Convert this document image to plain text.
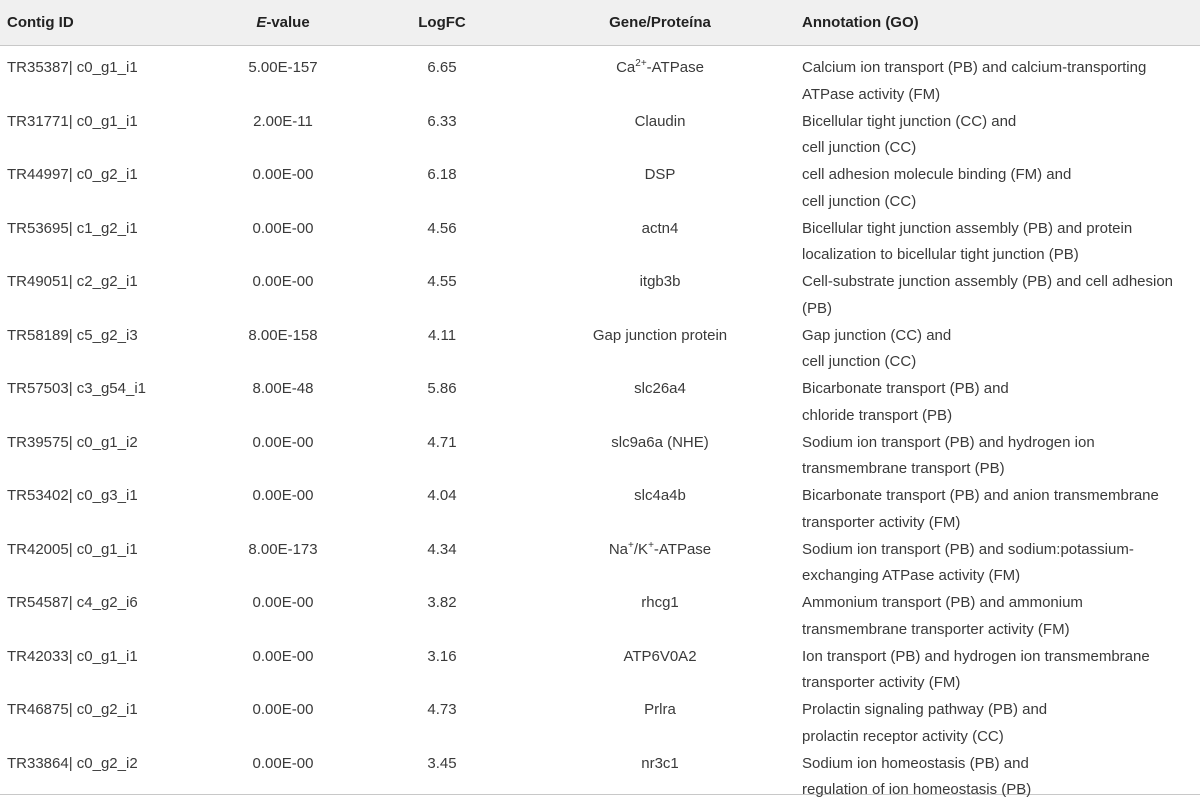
Contig ID	E-value	LogFC	Gene/Proteína	Annotation (GO)
TR35387| c0_g1_i1	5.00E-157	6.65	$Ca^{2+}$-ATPase	Calcium ion transport (PB) and calcium-transporting
ATPase activity (FM)
TR31771| c0_g1_i1	2.00E-11	6.33	Claudin	Bicellular tight junction (CC) and
cell junction (CC)
TR44997| c0_g2_i1	0.00E-00	6.18	DSP	cell adhesion molecule binding (FM) and
cell junction (CC)
TR53695| c1_g2_i1	0.00E-00	4.56	actn4	Bicellular tight junction assembly (PB) and protein
localization to bicellular tight junction (PB)
TR49051| c2_g2_i1	0.00E-00	4.55	itgb3b	Cell-substrate junction assembly (PB) and cell adhesion
(PB)
TR58189| c5_g2_i3	8.00E-158	4.11	Gap junction protein	Gap junction (CC) and
cell junction (CC)
TR57503| c3_g54_i1	8.00E-48	5.86	slc26a4	Bicarbonate transport (PB) and
chloride transport (PB)
TR39575| c0_g1_i2	0.00E-00	4.71	slc9a6a (NHE)	Sodium ion transport (PB) and hydrogen ion
transmembrane transport (PB)
TR53402| c0_g3_i1	0.00E-00	4.04	slc4a4b	Bicarbonate transport (PB) and anion transmembrane
transporter activity (FM)
TR42005| c0_g1_i1	8.00E-173	4.34	Na+/K+-ATPase	Sodium ion transport (PB) and sodium:potassium-
exchanging ATPase activity (FM)
TR54587| c4_g2_i6	0.00E-00	3.82	rhcg1	Ammonium transport (PB) and ammonium
transmembrane transporter activity (FM)
TR42033| c0_g1_i1	0.00E-00	3.16	ATP6V0A2	Ion transport (PB) and hydrogen ion transmembrane
transporter activity (FM)
TR46875| c0_g2_i1	0.00E-00	4.73	Prlra	Prolactin signaling pathway (PB) and
prolactin receptor activity (CC)
TR33864| c0_g2_i2	0.00E-00	3.45	nr3c1	Sodium ion homeostasis (PB) and
regulation of ion homeostasis (PB)
